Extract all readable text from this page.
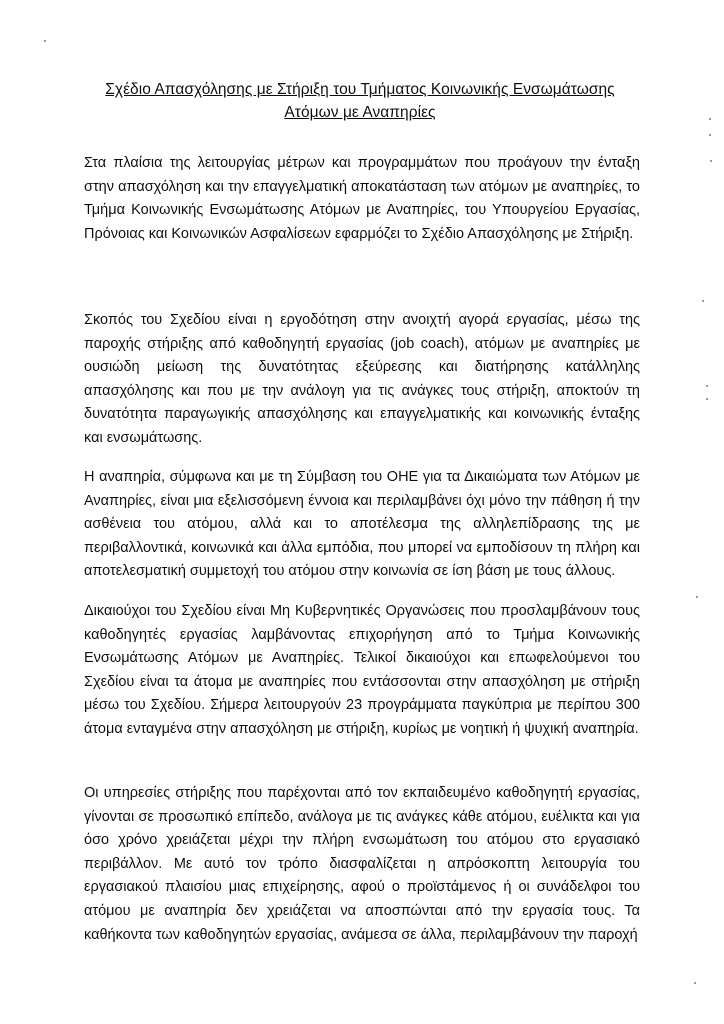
Σχέδιο Απασχόλησης με Στήριξη του Τμήματος Κοινωνικής Ενσωμάτωσης
Ατόμων με Αναπηρίες

Στα πλαίσια της λειτουργίας μέτρων και προγραμμάτων που προάγουν την ένταξη στην απασχόληση και την επαγγελματική αποκατάσταση των ατόμων με αναπηρίες, το Τμήμα Κοινωνικής Ενσωμάτωσης Ατόμων με Αναπηρίες, του Υπουργείου Εργασίας, Πρόνοιας και Κοινωνικών Ασφαλίσεων εφαρμόζει το Σχέδιο Απασχόλησης με Στήριξη.

Σκοπός του Σχεδίου είναι η εργοδότηση στην ανοιχτή αγορά εργασίας, μέσω της παροχής στήριξης από καθοδηγητή εργασίας (job coach), ατόμων με αναπηρίες με ουσιώδη μείωση της δυνατότητας εξεύρεσης και διατήρησης κατάλληλης απασχόλησης και που με την ανάλογη για τις ανάγκες τους στήριξη, αποκτούν τη δυνατότητα παραγωγικής απασχόλησης και επαγγελματικής και κοινωνικής ένταξης και ενσωμάτωσης.

Η αναπηρία, σύμφωνα και με τη Σύμβαση του ΟΗΕ για τα Δικαιώματα των Ατόμων με Αναπηρίες, είναι μια εξελισσόμενη έννοια και περιλαμβάνει όχι μόνο την πάθηση ή την ασθένεια του ατόμου, αλλά και το αποτέλεσμα της αλληλεπίδρασης της με περιβαλλοντικά, κοινωνικά και άλλα εμπόδια, που μπορεί να εμποδίσουν τη πλήρη και αποτελεσματική συμμετοχή του ατόμου στην κοινωνία σε ίση βάση με τους άλλους.

Δικαιούχοι του Σχεδίου είναι Μη Κυβερνητικές Οργανώσεις που προσλαμβάνουν τους καθοδηγητές εργασίας λαμβάνοντας επιχορήγηση από το Τμήμα Κοινωνικής Ενσωμάτωσης Ατόμων με Αναπηρίες. Τελικοί δικαιούχοι και επωφελούμενοι του Σχεδίου είναι τα άτομα με αναπηρίες που εντάσσονται στην απασχόληση με στήριξη μέσω του Σχεδίου. Σήμερα λειτουργούν 23 προγράμματα παγκύπρια με περίπου 300 άτομα ενταγμένα στην απασχόληση με στήριξη, κυρίως με νοητική ή ψυχική αναπηρία.

Οι υπηρεσίες στήριξης που παρέχονται από τον εκπαιδευμένο καθοδηγητή εργασίας, γίνονται σε προσωπικό επίπεδο, ανάλογα με τις ανάγκες κάθε ατόμου, ευέλικτα και για όσο χρόνο χρειάζεται μέχρι την πλήρη ενσωμάτωση του ατόμου στο εργασιακό περιβάλλον. Με αυτό τον τρόπο διασφαλίζεται η απρόσκοπτη λειτουργία του εργασιακού πλαισίου μιας επιχείρησης, αφού ο προϊστάμενος ή οι συνάδελφοι του ατόμου με αναπηρία δεν χρειάζεται να αποσπώνται από την εργασία τους. Τα καθήκοντα των καθοδηγητών εργασίας, ανάμεσα σε άλλα, περιλαμβάνουν την παροχή
